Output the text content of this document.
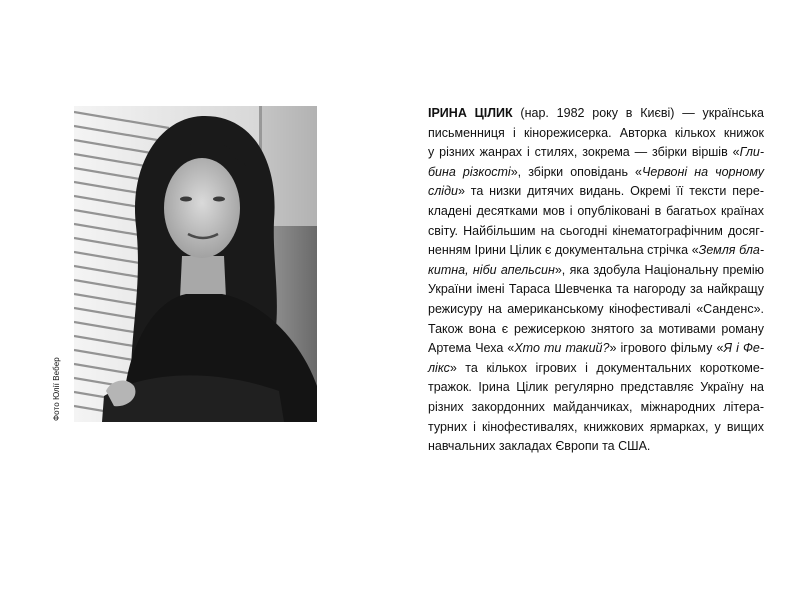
Фото Юлії Вебер
ІРИНА ЦІЛИК (нар. 1982 року в Києві) — українська
письменниця і кінорежисерка. Авторка кількох книжок
у різних жанрах і стилях, зокрема — збірки віршів «Гли-
бина різкості», збірки оповідань «Червоні на чорному
сліди» та низки дитячих видань. Окремі її тексти пере-
кладені десятками мов і опубліковані в багатьох країнах
світу. Найбільшим на сьогодні кінематографічним досяг-
ненням Ірини Цілик є документальна стрічка «Земля бла-
китна, ніби апельсин», яка здобула Національну премію
України імені Тараса Шевченка та нагороду за найкращу
режисуру на американському кінофестивалі «Санденс».
Також вона є режисеркою знятого за мотивами роману
Артема Чеха «Хто ти такий?» ігрового фільму «Я і Фе-
лікс» та кількох ігрових і документальних короткоме-
тражок. Ірина Цілик регулярно представляє Україну на
різних закордонних майданчиках, міжнародних літера-
турних і кінофестивалях, книжкових ярмарках, у вищих
навчальних закладах Європи та США.
